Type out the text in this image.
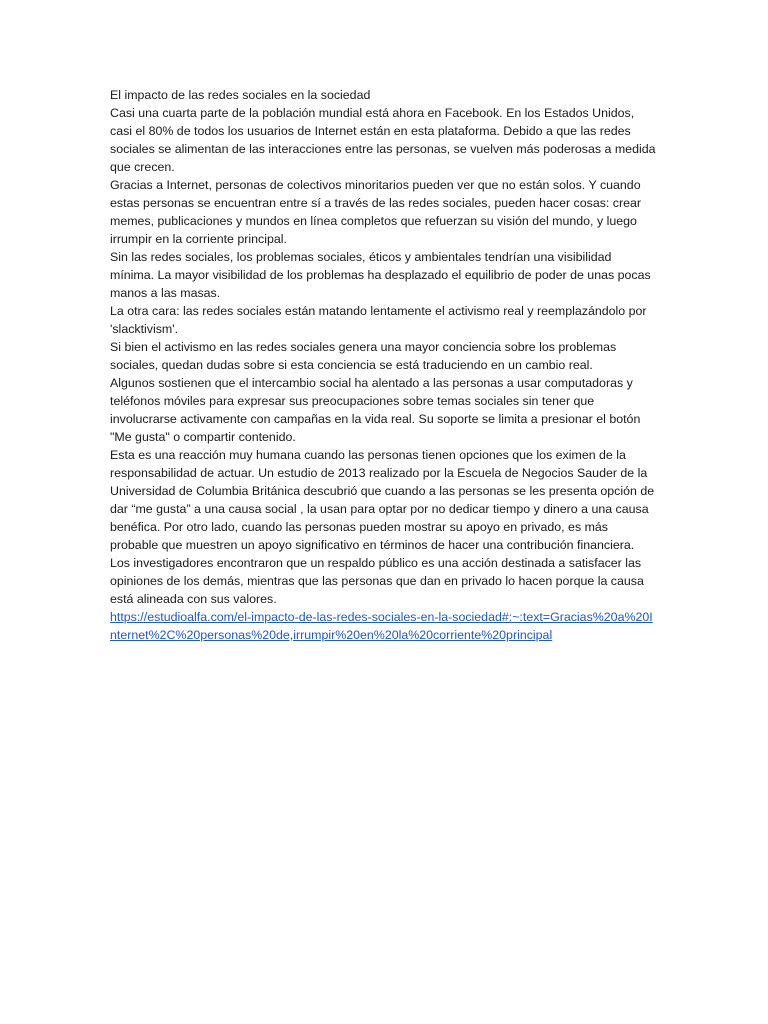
El impacto de las redes sociales en la sociedad

Casi una cuarta parte de la población mundial está ahora en Facebook. En los Estados Unidos, casi el 80% de todos los usuarios de Internet están en esta plataforma. Debido a que las redes sociales se alimentan de las interacciones entre las personas, se vuelven más poderosas a medida que crecen.

Gracias a Internet, personas de colectivos minoritarios pueden ver que no están solos. Y cuando estas personas se encuentran entre sí a través de las redes sociales, pueden hacer cosas: crear memes, publicaciones y mundos en línea completos que refuerzan su visión del mundo, y luego irrumpir en la corriente principal.

Sin las redes sociales, los problemas sociales, éticos y ambientales tendrían una visibilidad mínima. La mayor visibilidad de los problemas ha desplazado el equilibrio de poder de unas pocas manos a las masas.

La otra cara: las redes sociales están matando lentamente el activismo real y reemplazándolo por 'slacktivism'.

Si bien el activismo en las redes sociales genera una mayor conciencia sobre los problemas sociales, quedan dudas sobre si esta conciencia se está traduciendo en un cambio real.

Algunos sostienen que el intercambio social ha alentado a las personas a usar computadoras y teléfonos móviles para expresar sus preocupaciones sobre temas sociales sin tener que involucrarse activamente con campañas en la vida real. Su soporte se limita a presionar el botón "Me gusta" o compartir contenido.

Esta es una reacción muy humana cuando las personas tienen opciones que los eximen de la responsabilidad de actuar. Un estudio de 2013 realizado por la Escuela de Negocios Sauder de la Universidad de Columbia Británica descubrió que cuando a las personas se les presenta opción de dar “me gusta” a una causa social , la usan para optar por no dedicar tiempo y dinero a una causa benéfica. Por otro lado, cuando las personas pueden mostrar su apoyo en privado, es más probable que muestren un apoyo significativo en términos de hacer una contribución financiera.

Los investigadores encontraron que un respaldo público es una acción destinada a satisfacer las opiniones de los demás, mientras que las personas que dan en privado lo hacen porque la causa está alineada con sus valores.

https://estudioalfa.com/el-impacto-de-las-redes-sociales-en-la-sociedad#:~:text=Gracias%20a%20Internet%2C%20personas%20de,irrumpir%20en%20la%20corriente%20principal
